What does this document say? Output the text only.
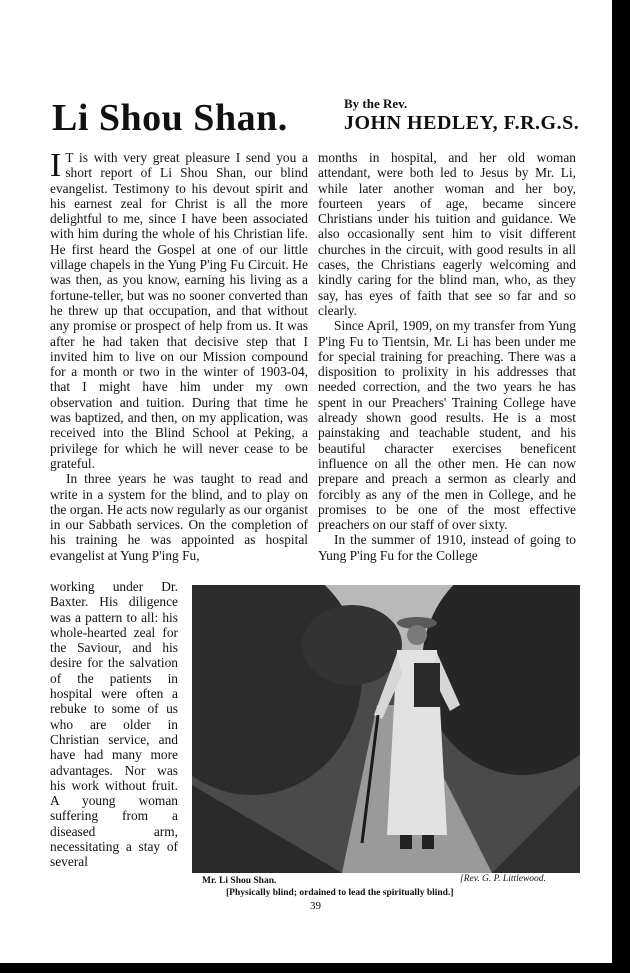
Li Shou Shan.	By the Rev.
JOHN HEDLEY, F.R.G.S.

I T is with very great pleasure I send you a short report of Li Shou Shan, our blind evangelist. Testimony to his devout spirit and his earnest zeal for Christ is all the more delightful to me, since I have been associated with him during the whole of his Christian life. He first heard the Gospel at one of our little village chapels in the Yung P'ing Fu Circuit. He was then, as you know, earning his living as a fortune-teller, but was no sooner converted than he threw up that occupation, and that without any promise or prospect of help from us. It was after he had taken that decisive step that I invited him to live on our Mission compound for a month or two in the winter of 1903-04, that I might have him under my own observation and tuition. During that time he was baptized, and then, on my application, was received into the Blind School at Peking, a privilege for which he will never cease to be grateful.

In three years he was taught to read and write in a system for the blind, and to play on the organ. He acts now regularly as our organist in our Sabbath services. On the completion of his training he was appointed as hospital evangelist at Yung P'ing Fu,

working under Dr. Baxter. His diligence was a pattern to all: his whole-hearted zeal for the Saviour, and his desire for the salvation of the patients in hospital were often a rebuke to some of us who are older in Christian service, and have had many more advantages. Nor was his work without fruit. A young woman suffering from a diseased arm, necessitating a stay of several

months in hospital, and her old woman attendant, were both led to Jesus by Mr. Li, while later another woman and her boy, fourteen years of age, became sincere Christians under his tuition and guidance. We also occasionally sent him to visit different churches in the circuit, with good results in all cases, the Christians eagerly welcoming and kindly caring for the blind man, who, as they say, has eyes of faith that see so far and so clearly.

Since April, 1909, on my transfer from Yung P'ing Fu to Tientsin, Mr. Li has been under me for special training for preaching. There was a disposition to prolixity in his addresses that needed correction, and the two years he has spent in our Preachers' Training College have already shown good results. He is a most painstaking and teachable student, and his beautiful character exercises beneficent influence on all the other men. He can now prepare and preach a sermon as clearly and forcibly as any of the men in College, and he promises to be one of the most effective preachers on our staff of over sixty.

In the summer of 1910, instead of going to Yung P'ing Fu for the College

Mr. Li Shou Shan.	[Rev. G. P. Littlewood.
[Physically blind; ordained to lead the spiritually blind.]
39
